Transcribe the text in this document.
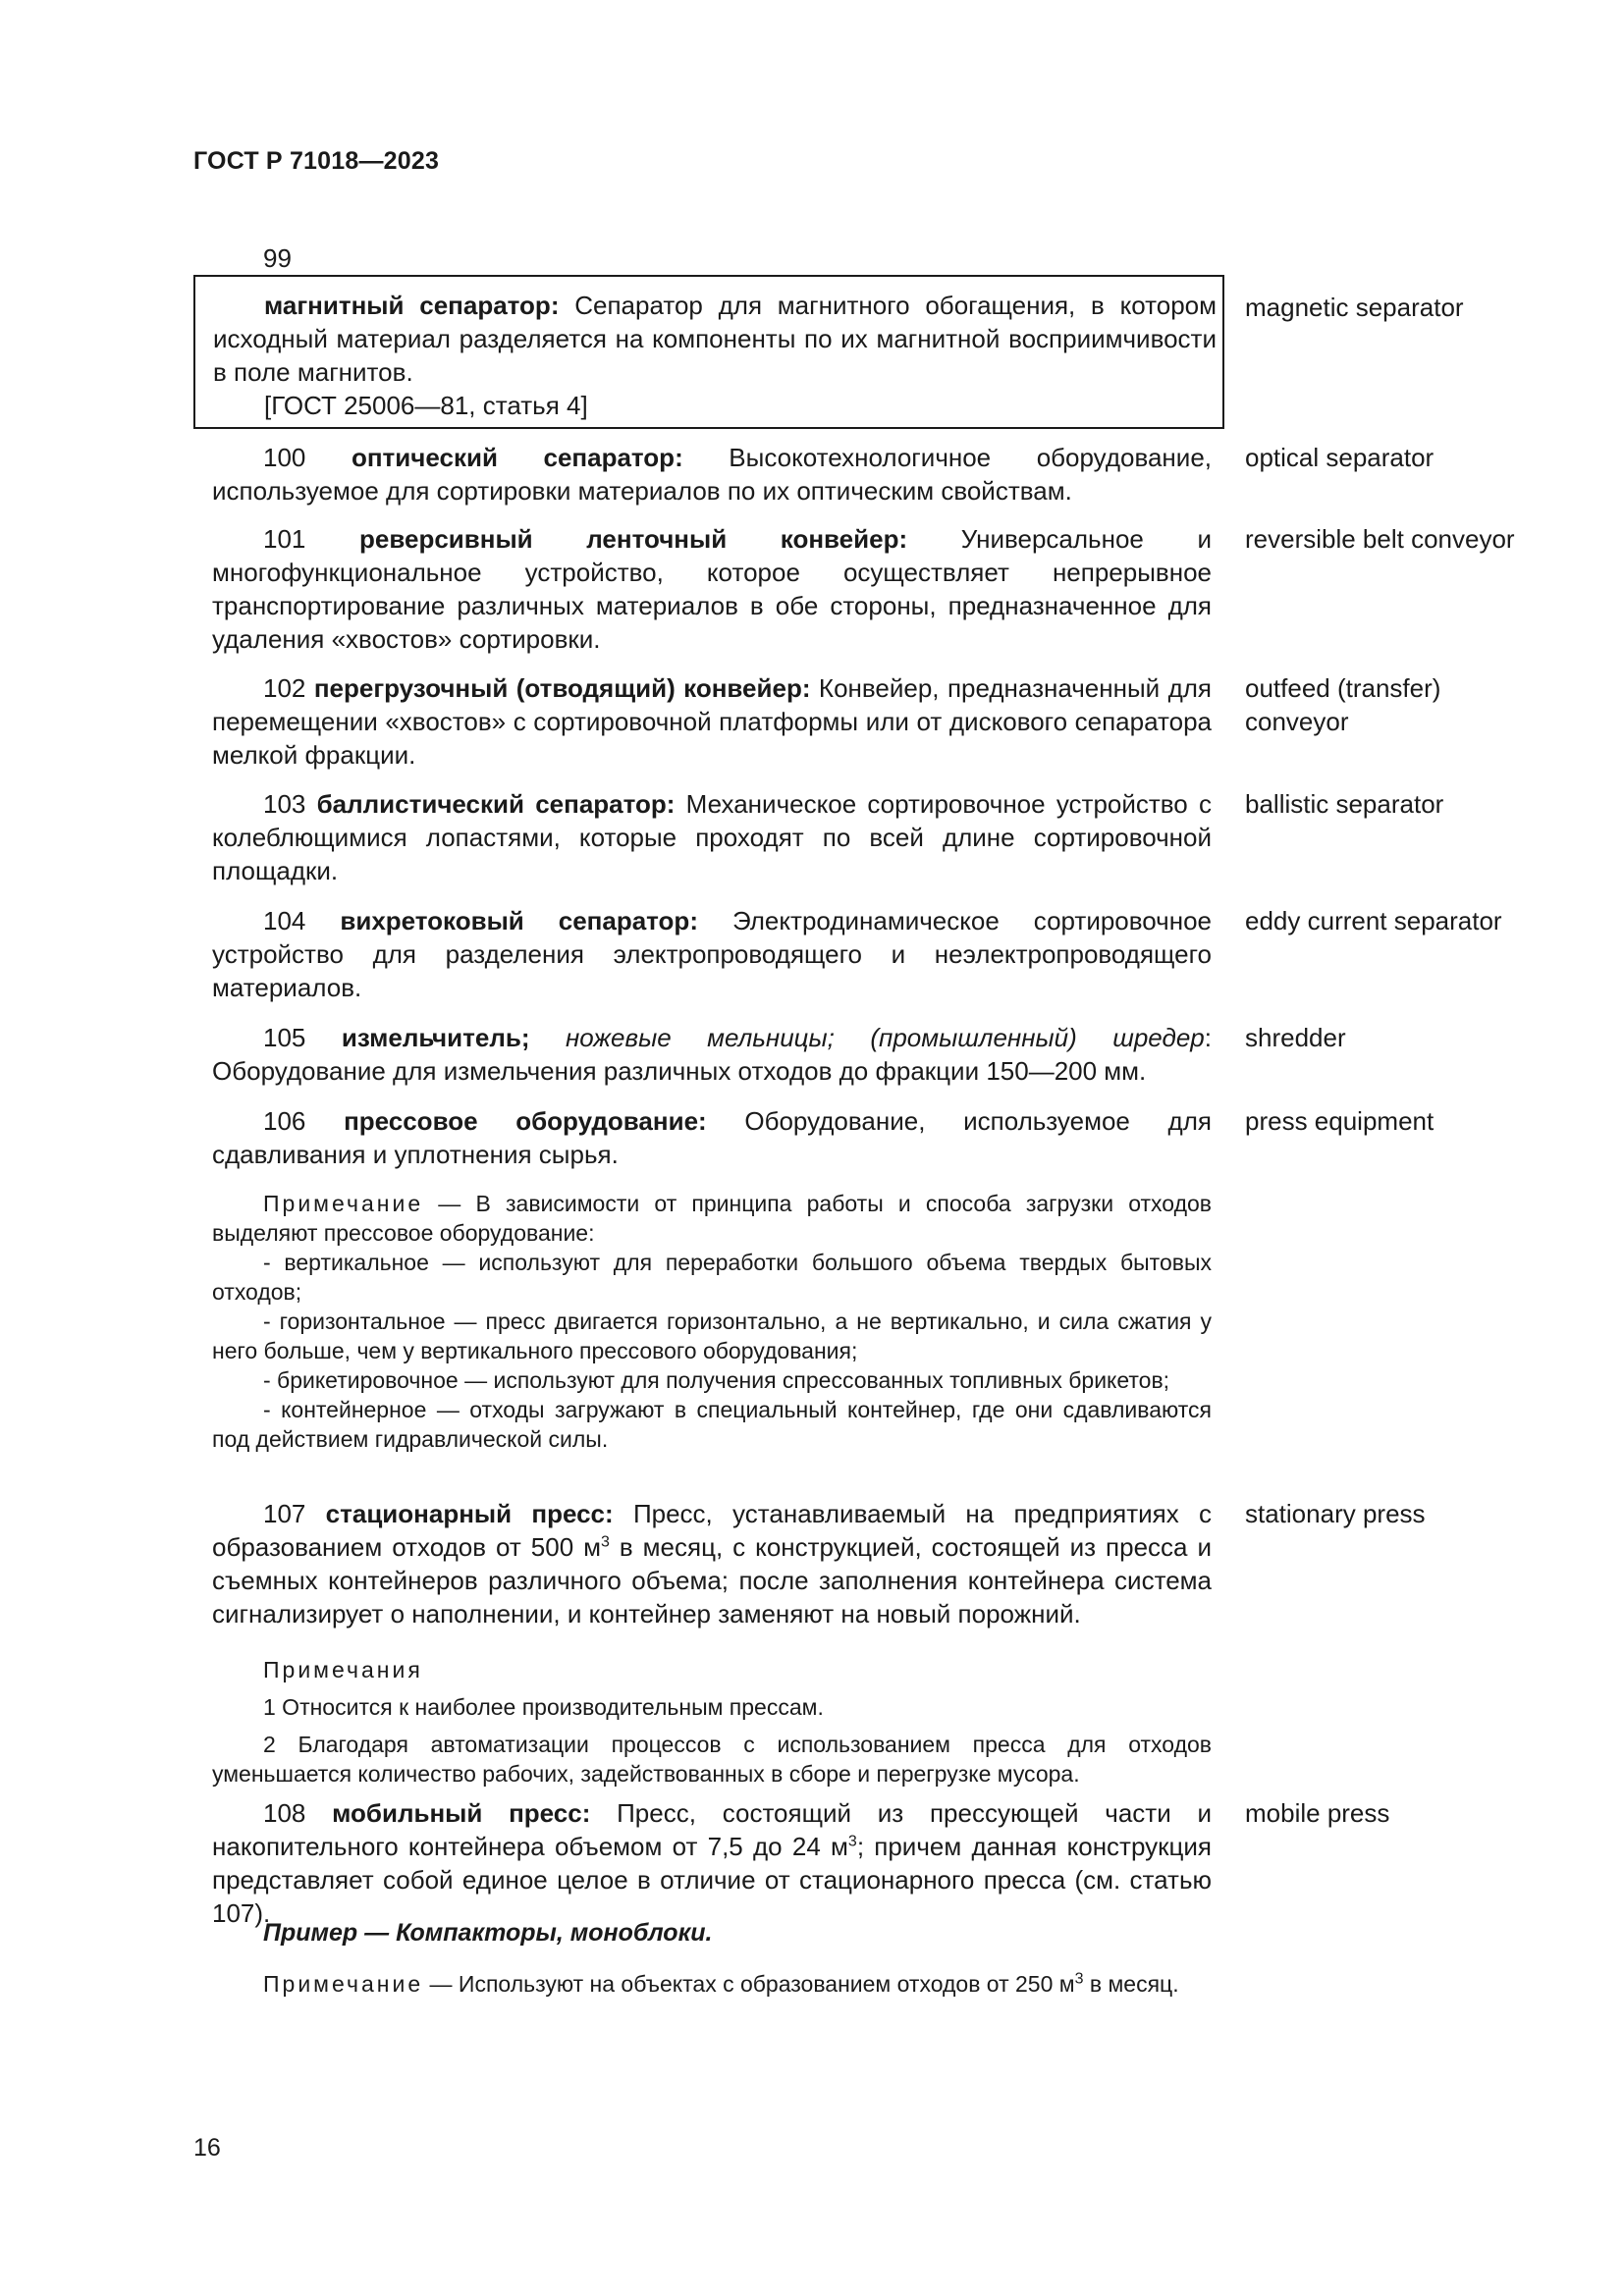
ГОСТ Р 71018—2023
99
магнитный сепаратор: Сепаратор для магнитного обогащения, в котором исходный материал разделяется на компоненты по их магнитной восприимчивости в поле магнитов.
[ГОСТ 25006—81, статья 4]
magnetic separator
100 оптический сепаратор: Высокотехнологичное оборудование, используемое для сортировки материалов по их оптическим свойствам.
optical separator
101 реверсивный ленточный конвейер: Универсальное и многофункциональное устройство, которое осуществляет непрерывное транспортирование различных материалов в обе стороны, предназначенное для удаления «хвостов» сортировки.
reversible belt conveyor
102 перегрузочный (отводящий) конвейер: Конвейер, предназначенный для перемещении «хвостов» с сортировочной платформы или от дискового сепаратора мелкой фракции.
outfeed (transfer) conveyor
103 баллистический сепаратор: Механическое сортировочное устройство с колеблющимися лопастями, которые проходят по всей длине сортировочной площадки.
ballistic separator
104 вихретоковый сепаратор: Электродинамическое сортировочное устройство для разделения электропроводящего и неэлектропроводящего материалов.
eddy current separator
105 измельчитель; ножевые мельницы; (промышленный) шредер: Оборудование для измельчения различных отходов до фракции 150—200 мм.
shredder
106 прессовое оборудование: Оборудование, используемое для сдавливания и уплотнения сырья.
press equipment
Примечание — В зависимости от принципа работы и способа загрузки отходов выделяют прессовое оборудование:
- вертикальное — используют для переработки большого объема твердых бытовых отходов;
- горизонтальное — пресс двигается горизонтально, а не вертикально, и сила сжатия у него больше, чем у вертикального прессового оборудования;
- брикетировочное — используют для получения спрессованных топливных брикетов;
- контейнерное — отходы загружают в специальный контейнер, где они сдавливаются под действием гидравлической силы.
107 стационарный пресс: Пресс, устанавливаемый на предприятиях с образованием отходов от 500 $м^3$ в месяц, с конструкцией, состоящей из пресса и съемных контейнеров различного объема; после заполнения контейнера система сигнализирует о наполнении, и контейнер заменяют на новый порожний.
stationary press
Примечания
1 Относится к наиболее производительным прессам.
2 Благодаря автоматизации процессов с использованием пресса для отходов уменьшается количество рабочих, задействованных в сборе и перегрузке мусора.
108 мобильный пресс: Пресс, состоящий из прессующей части и накопительного контейнера объемом от 7,5 до 24 $м^3$; причем данная конструкция представляет собой единое целое в отличие от стационарного пресса (см. статью 107).
mobile press
Пример — Компакторы, моноблоки.
Примечание — Используют на объектах с образованием отходов от 250 $м^3$ в месяц.
16
